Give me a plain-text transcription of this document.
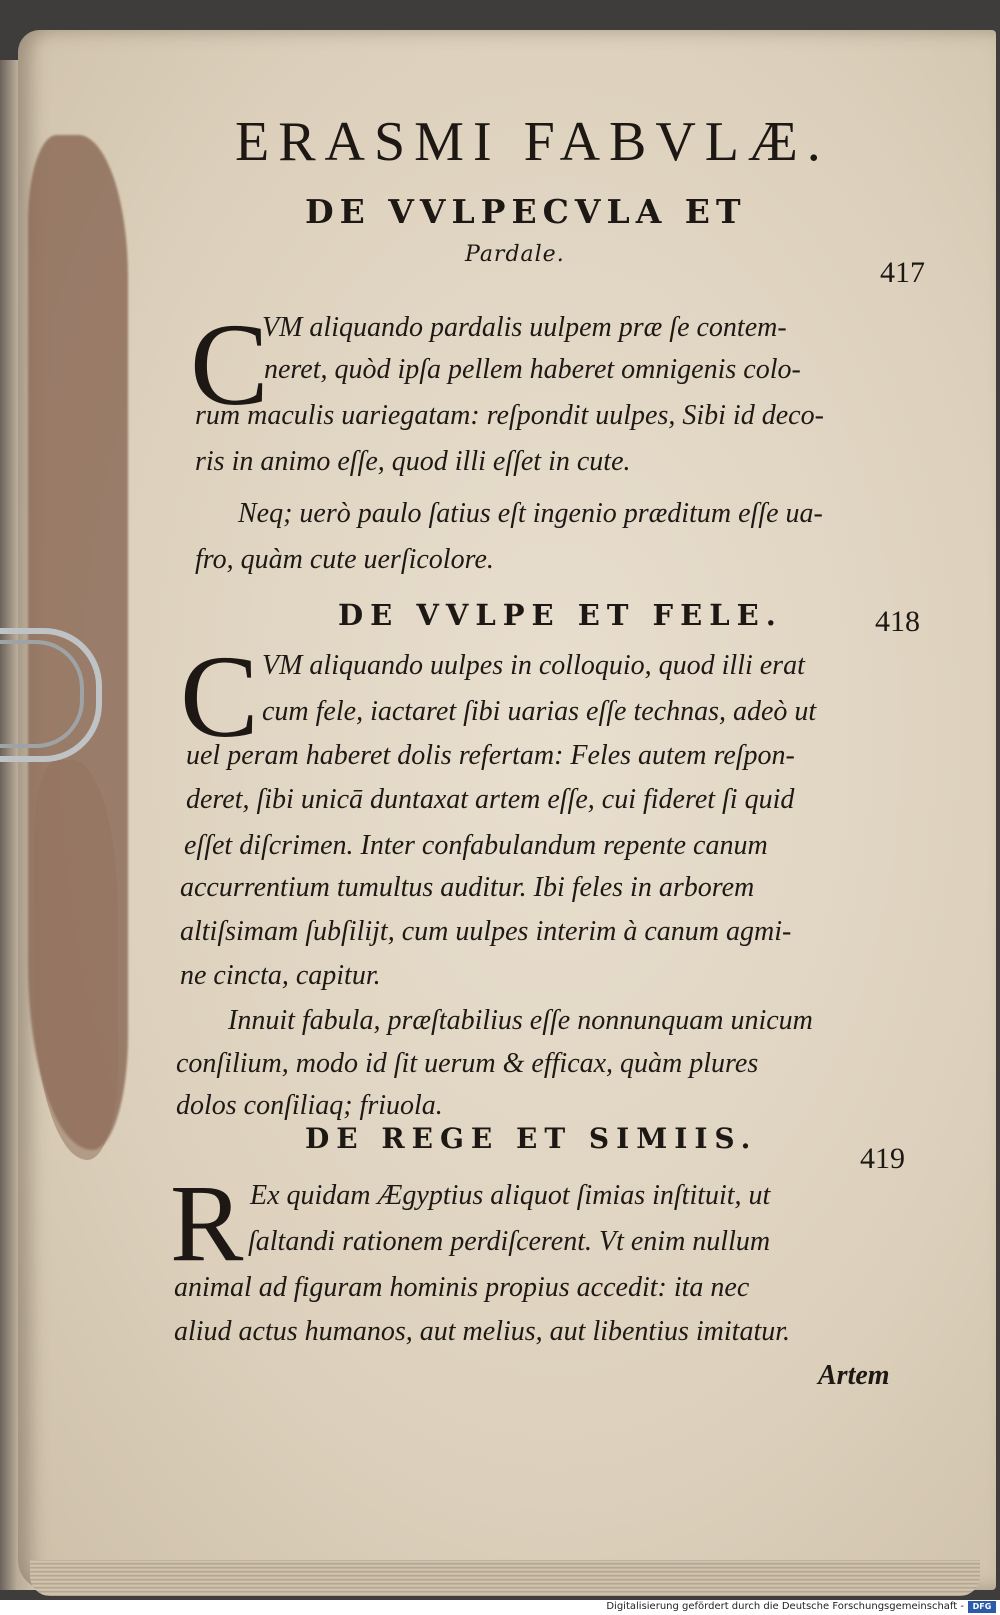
ERASMI FABVLÆ.
DE VVLPECVLA ET
Pardale.
417
C
VM aliquando pardalis uulpem præ ſe contem-
neret, quòd ipſa pellem haberet omnigenis colo-
rum maculis uariegatam: reſpondit uulpes, Sibi id deco-
ris in animo eſſe, quod illi eſſet in cute.
Neq; uerò paulo ſatius eſt ingenio præditum eſſe ua-
fro, quàm cute uerſicolore.
DE VVLPE ET FELE.	418
C VM aliquando uulpes in colloquio, quod illi erat
cum fele, iactaret ſibi uarias eſſe technas, adeò ut
uel peram haberet dolis refertam: Feles autem reſpon-
deret, ſibi unicā duntaxat artem eſſe, cui fideret ſi quid
eſſet diſcrimen. Inter confabulandum repente canum
accurrentium tumultus auditur. Ibi feles in arborem
altiſsimam ſubſilijt, cum uulpes interim à canum agmi-
ne cincta, capitur.
Innuit fabula, præſtabilius eſſe nonnunquam unicum
conſilium, modo id ſit uerum & efficax, quàm plures
dolos conſiliaq; friuola.
DE REGE ET SIMIIS.
419
R Ex quidam Ægyptius aliquot ſimias inſtituit, ut
ſaltandi rationem perdiſcerent. Vt enim nullum
animal ad figuram hominis propius accedit: ita nec
aliud actus humanos, aut melius, aut libentius imitatur.
Artem
Digitalisierung gefördert durch die Deutsche Forschungsgemeinschaft -	DFG
